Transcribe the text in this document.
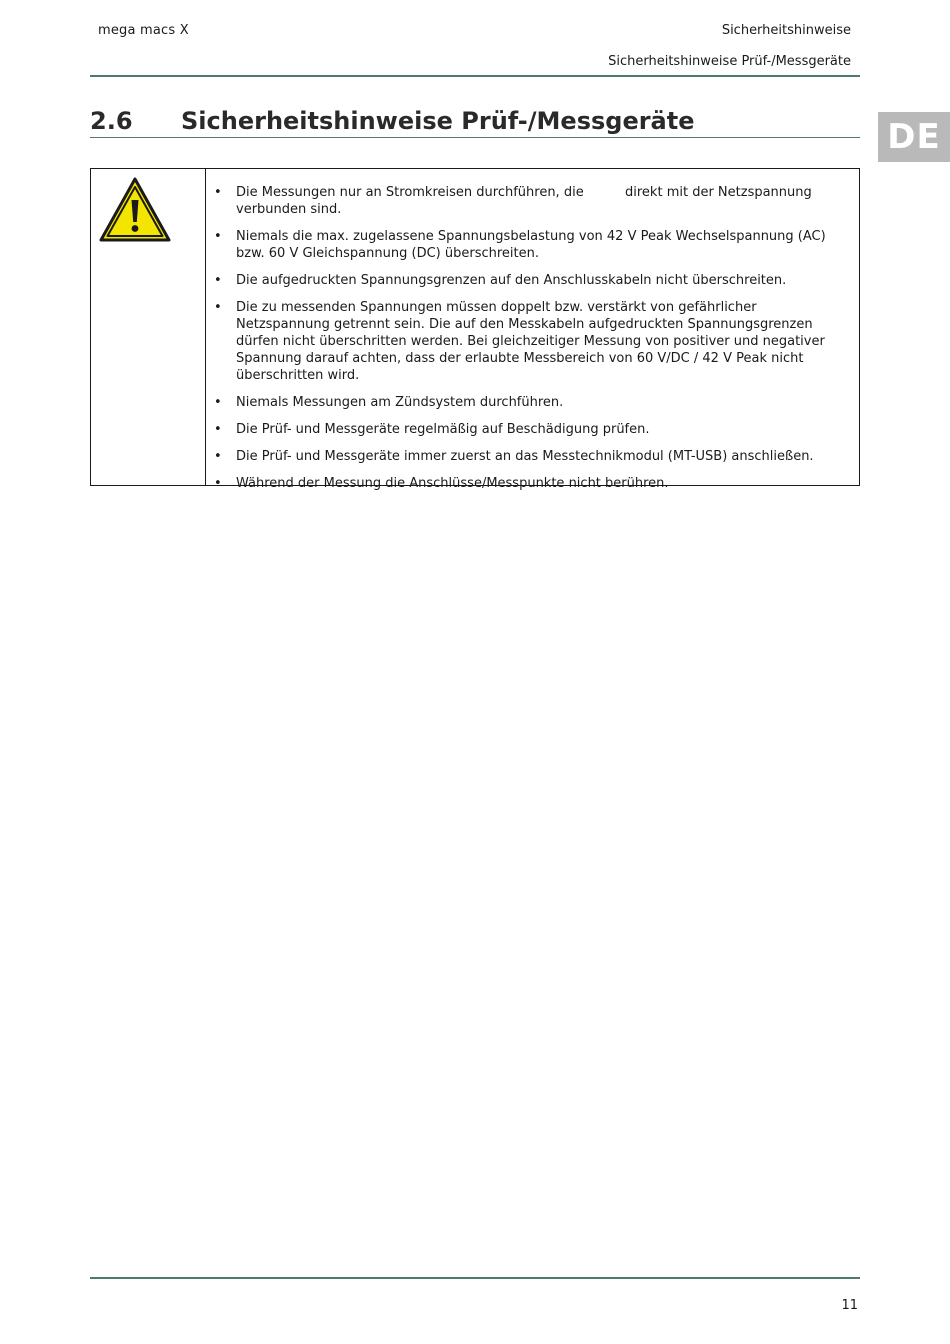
mega macs X	Sicherheitshinweise
Sicherheitshinweise Prüf-/Messgeräte
DE
2.6 Sicherheitshinweise Prüf-/Messgeräte
• Die Messungen nur an Stromkreisen durchführen, die          direkt mit der Netzspannung verbunden sind.
• Niemals die max. zugelassene Spannungsbelastung von 42 V Peak Wechselspannung (AC) bzw. 60 V Gleichspannung (DC) überschreiten.
• Die aufgedruckten Spannungsgrenzen auf den Anschlusskabeln nicht überschreiten.
• Die zu messenden Spannungen müssen doppelt bzw. verstärkt von gefährlicher Netzspannung getrennt sein. Die auf den Messkabeln aufgedruckten Spannungsgrenzen dürfen nicht überschritten werden. Bei gleichzeitiger Messung von positiver und negativer Spannung darauf achten, dass der erlaubte Messbereich von 60 V/DC / 42 V Peak nicht überschritten wird.
• Niemals Messungen am Zündsystem durchführen.
• Die Prüf- und Messgeräte regelmäßig auf Beschädigung prüfen.
• Die Prüf- und Messgeräte immer zuerst an das Messtechnikmodul (MT-USB) anschließen.
• Während der Messung die Anschlüsse/Messpunkte nicht berühren.
11
